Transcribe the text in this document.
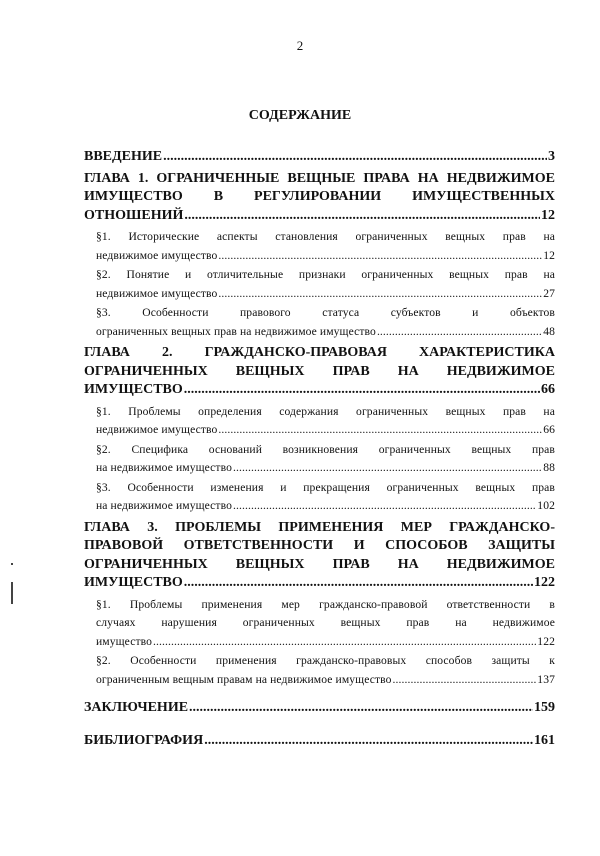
2
СОДЕРЖАНИЕ
ВВЕДЕНИЕ .....	3
ГЛАВА 1. ОГРАНИЧЕННЫЕ ВЕЩНЫЕ ПРАВА НА НЕДВИЖИМОЕ
ИМУЩЕСТВО В РЕГУЛИРОВАНИИ ИМУЩЕСТВЕННЫХ
ОТНОШЕНИЙ .....	12
§1. Исторические аспекты становления ограниченных вещных прав на
недвижимое имущество .....	12
§2. Понятие и отличительные признаки ограниченных вещных прав на
недвижимое имущество .....	27
§3. Особенности правового статуса субъектов и объектов
ограниченных вещных прав на недвижимое имущество .....	48
ГЛАВА 2. ГРАЖДАНСКО-ПРАВОВАЯ ХАРАКТЕРИСТИКА
ОГРАНИЧЕННЫХ ВЕЩНЫХ ПРАВ НА НЕДВИЖИМОЕ
ИМУЩЕСТВО .....	66
§1. Проблемы определения содержания ограниченных вещных прав на
недвижимое имущество .....	66
§2. Специфика оснований возникновения ограниченных вещных прав
на недвижимое имущество .....	88
§3. Особенности изменения и прекращения ограниченных вещных прав
на недвижимое имущество .....	102
ГЛАВА 3. ПРОБЛЕМЫ ПРИМЕНЕНИЯ МЕР ГРАЖДАНСКО-
ПРАВОВОЙ ОТВЕТСТВЕННОСТИ И СПОСОБОВ ЗАЩИТЫ
ОГРАНИЧЕННЫХ ВЕЩНЫХ ПРАВ НА НЕДВИЖИМОЕ
ИМУЩЕСТВО .....	122
§1. Проблемы применения мер гражданско-правовой ответственности в
случаях нарушения ограниченных вещных прав на недвижимое
имущество .....	122
§2. Особенности применения гражданско-правовых способов защиты к
ограниченным вещным правам на недвижимое имущество .....	137
ЗАКЛЮЧЕНИЕ .....	159
БИБЛИОГРАФИЯ .....	161
